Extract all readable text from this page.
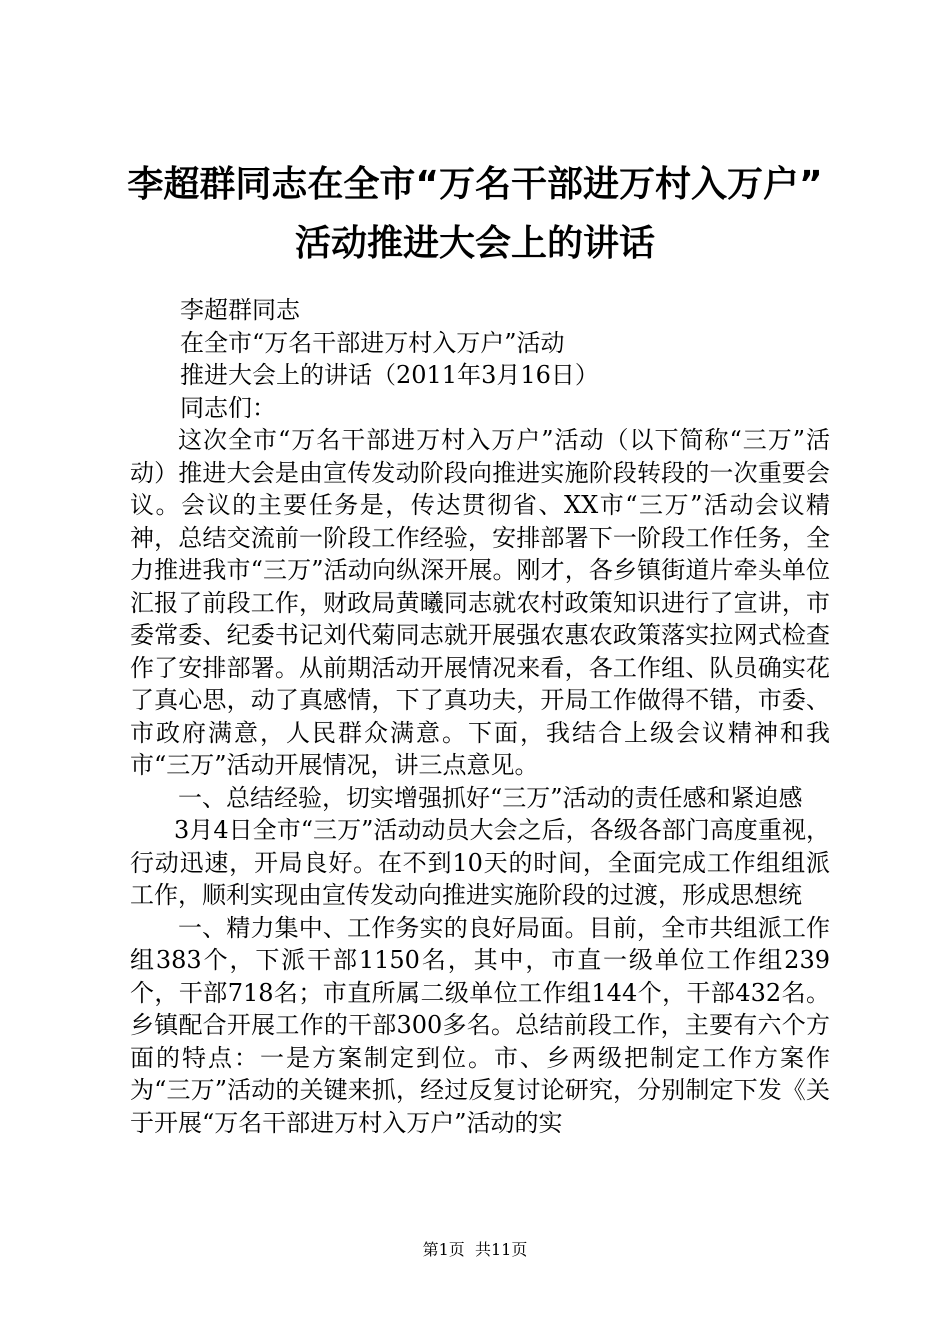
李超群同志在全市“万名干部进万村入万户”
活动推进大会上的讲话

李超群同志

在全市“万名干部进万村入万户”活动

推进大会上的讲话（2011年3月16日）

同志们：

这次全市“万名干部进万村入万户”活动（以下简称“三万”活动）推进大会是由宣传发动阶段向推进实施阶段转段的一次重要会议。会议的主要任务是，传达贯彻省、XX市“三万”活动会议精神，总结交流前一阶段工作经验，安排部署下一阶段工作任务，全力推进我市“三万”活动向纵深开展。刚才，各乡镇街道片牵头单位汇报了前段工作，财政局黄曦同志就农村政策知识进行了宣讲，市委常委、纪委书记刘代菊同志就开展强农惠农政策落实拉网式检查作了安排部署。从前期活动开展情况来看，各工作组、队员确实花了真心思，动了真感情，下了真功夫，开局工作做得不错，市委、市政府满意，人民群众满意。下面，我结合上级会议精神和我市“三万”活动开展情况，讲三点意见。

一、总结经验，切实增强抓好“三万”活动的责任感和紧迫感

3月4日全市“三万”活动动员大会之后，各级各部门高度重视，行动迅速，开局良好。在不到10天的时间，全面完成工作组组派工作，顺利实现由宣传发动向推进实施阶段的过渡，形成思想统

一、精力集中、工作务实的良好局面。目前，全市共组派工作组383个，下派干部1150名，其中，市直一级单位工作组239个，干部718名；市直所属二级单位工作组144个，干部432名。乡镇配合开展工作的干部300多名。总结前段工作，主要有六个方面的特点：一是方案制定到位。市、乡两级把制定工作方案作为“三万”活动的关键来抓，经过反复讨论研究，分别制定下发《关于开展“万名干部进万村入万户”活动的实

第1页 共11页
